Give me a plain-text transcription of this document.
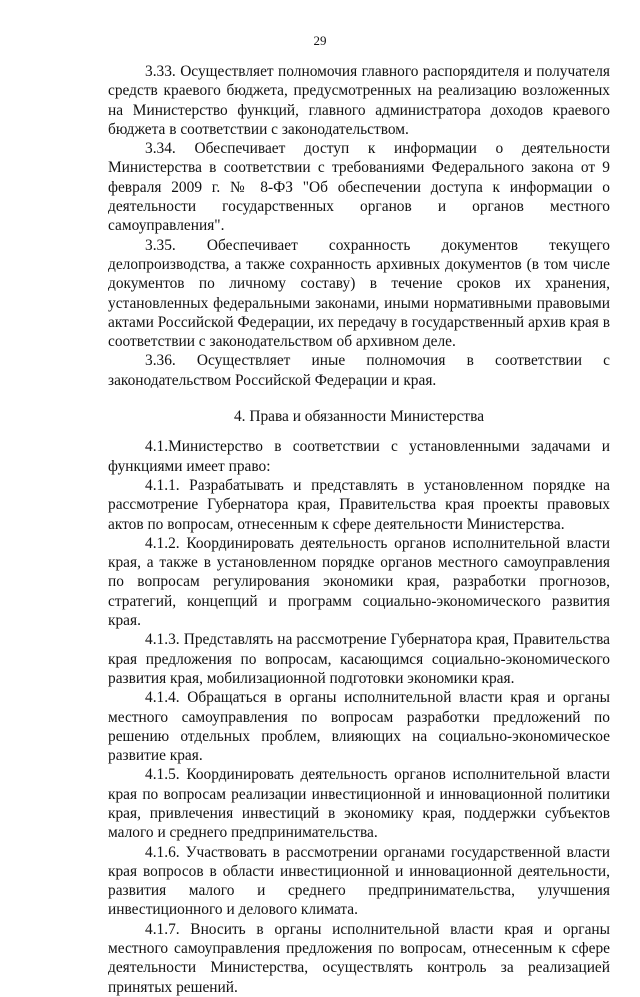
29

3.33. Осуществляет полномочия главного распорядителя и получателя средств краевого бюджета, предусмотренных на реализацию возложенных на Министерство функций, главного администратора доходов краевого бюджета в соответствии с законодательством.

3.34. Обеспечивает доступ к информации о деятельности Министерства в соответствии с требованиями Федерального закона от 9 февраля 2009 г. № 8-ФЗ "Об обеспечении доступа к информации о деятельности государственных органов и органов местного самоуправления".

3.35. Обеспечивает сохранность документов текущего делопроизводства, а также сохранность архивных документов (в том числе документов по личному составу) в течение сроков их хранения, установленных федеральными законами, иными нормативными правовыми актами Российской Федерации, их передачу в государственный архив края в соответствии с законодательством об архивном деле.

3.36. Осуществляет иные полномочия в соответствии с законодательством Российской Федерации и края.

4. Права и обязанности Министерства

4.1.Министерство в соответствии с установленными задачами и функциями имеет право:

4.1.1. Разрабатывать и представлять в установленном порядке на рассмотрение Губернатора края, Правительства края проекты правовых актов по вопросам, отнесенным к сфере деятельности Министерства.

4.1.2. Координировать деятельность органов исполнительной власти края, а также в установленном порядке органов местного самоуправления по вопросам регулирования экономики края, разработки прогнозов, стратегий, концепций и программ социально-экономического развития края.

4.1.3. Представлять на рассмотрение Губернатора края, Правительства края предложения по вопросам, касающимся социально-экономического развития края, мобилизационной подготовки экономики края.

4.1.4. Обращаться в органы исполнительной власти края и органы местного самоуправления по вопросам разработки предложений по решению отдельных проблем, влияющих на социально-экономическое развитие края.

4.1.5. Координировать деятельность органов исполнительной власти края по вопросам реализации инвестиционной и инновационной политики края, привлечения инвестиций в экономику края, поддержки субъектов малого и среднего предпринимательства.

4.1.6. Участвовать в рассмотрении органами государственной власти края вопросов в области инвестиционной и инновационной деятельности, развития малого и среднего предпринимательства, улучшения инвестиционного и делового климата.

4.1.7. Вносить в органы исполнительной власти края и органы местного самоуправления предложения по вопросам, отнесенным к сфере деятельности Министерства, осуществлять контроль за реализацией принятых решений.
